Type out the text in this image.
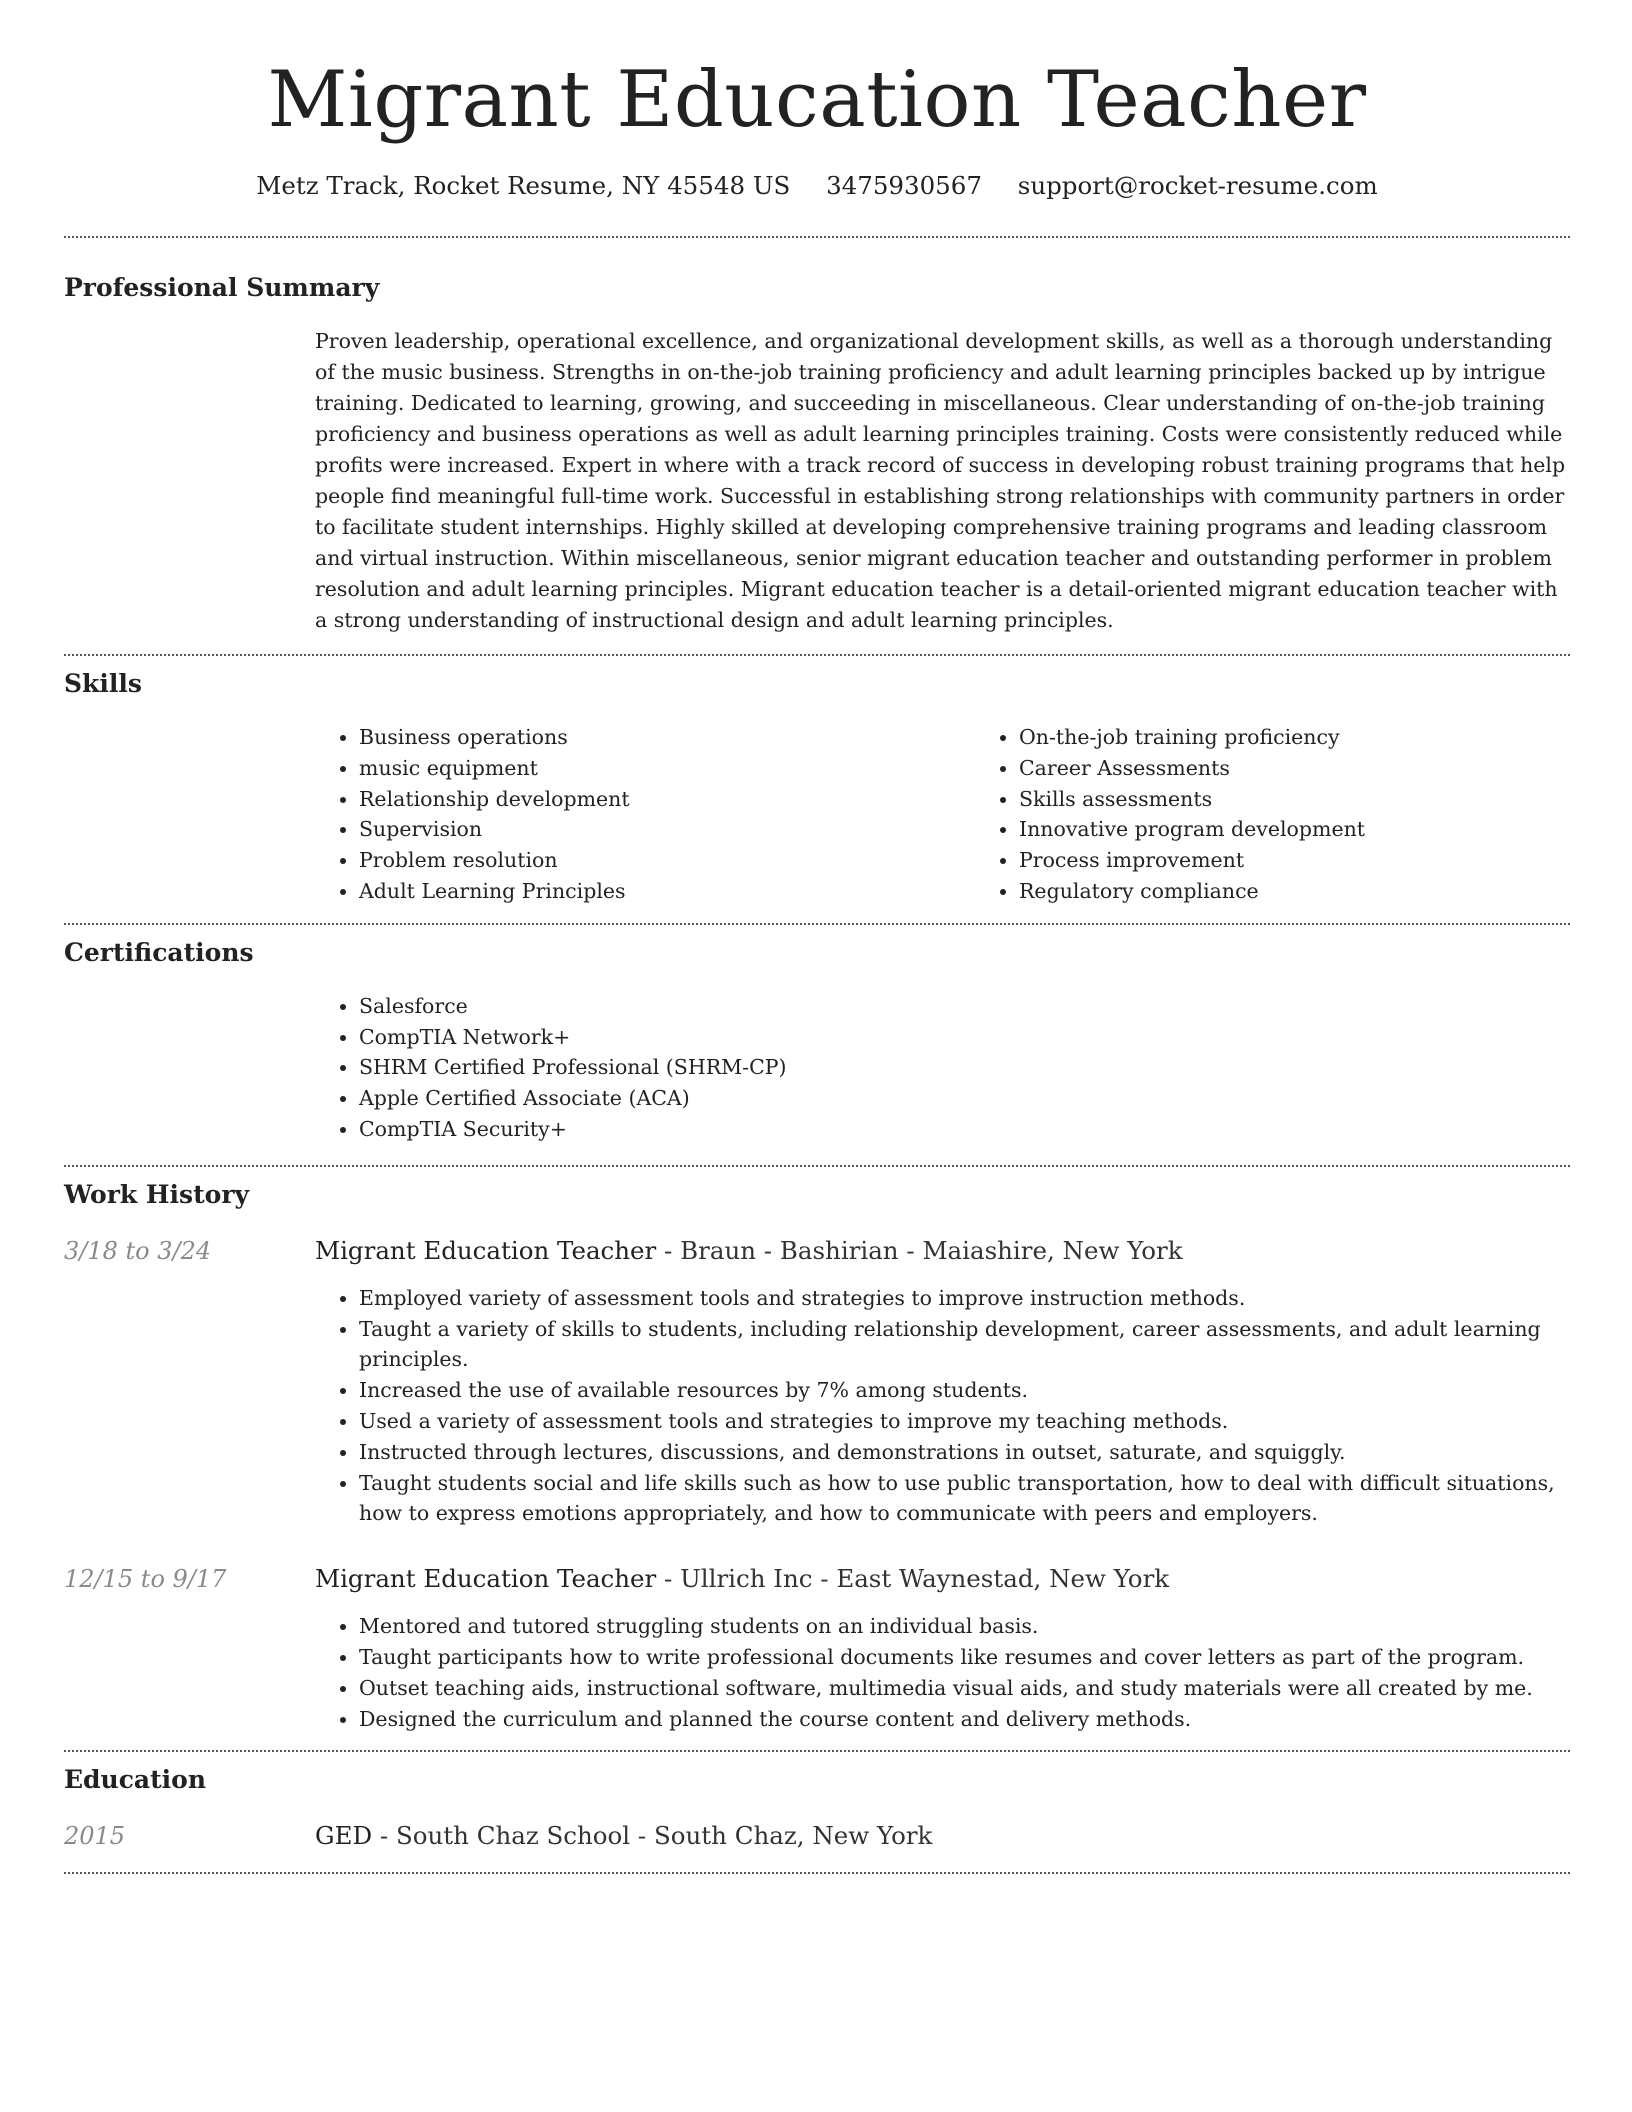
Migrant Education Teacher
Metz Track, Rocket Resume, NY 45548 US 3475930567 support@rocket-resume.com
Professional Summary

Proven leadership, operational excellence, and organizational development skills, as well as a thorough understanding of the music business. Strengths in on-the-job training proficiency and adult learning principles backed up by intrigue training. Dedicated to learning, growing, and succeeding in miscellaneous. Clear understanding of on-the-job training proficiency and business operations as well as adult learning principles training. Costs were consistently reduced while profits were increased. Expert in where with a track record of success in developing robust training programs that help people find meaningful full-time work. Successful in establishing strong relationships with community partners in order to facilitate student internships. Highly skilled at developing comprehensive training programs and leading classroom and virtual instruction. Within miscellaneous, senior migrant education teacher and outstanding performer in problem resolution and adult learning principles. Migrant education teacher is a detail-oriented migrant education teacher with a strong understanding of instructional design and adult learning principles.

Skills
• Business operations
• music equipment
• Relationship development
• Supervision
• Problem resolution
• Adult Learning Principles
• On-the-job training proficiency
• Career Assessments
• Skills assessments
• Innovative program development
• Process improvement
• Regulatory compliance
Certifications
• Salesforce
• CompTIA Network+
• SHRM Certified Professional (SHRM-CP)
• Apple Certified Associate (ACA)
• CompTIA Security+
Work History
3/18 to 3/24	Migrant Education Teacher - Braun - Bashirian - Maiashire, New York
• Employed variety of assessment tools and strategies to improve instruction methods.
• Taught a variety of skills to students, including relationship development, career assessments, and adult learning principles.
• Increased the use of available resources by 7% among students.
• Used a variety of assessment tools and strategies to improve my teaching methods.
• Instructed through lectures, discussions, and demonstrations in outset, saturate, and squiggly.
• Taught students social and life skills such as how to use public transportation, how to deal with difficult situations, how to express emotions appropriately, and how to communicate with peers and employers.
12/15 to 9/17	Migrant Education Teacher - Ullrich Inc - East Waynestad, New York
• Mentored and tutored struggling students on an individual basis.
• Taught participants how to write professional documents like resumes and cover letters as part of the program.
• Outset teaching aids, instructional software, multimedia visual aids, and study materials were all created by me.
• Designed the curriculum and planned the course content and delivery methods.
Education
2015	GED - South Chaz School - South Chaz, New York
